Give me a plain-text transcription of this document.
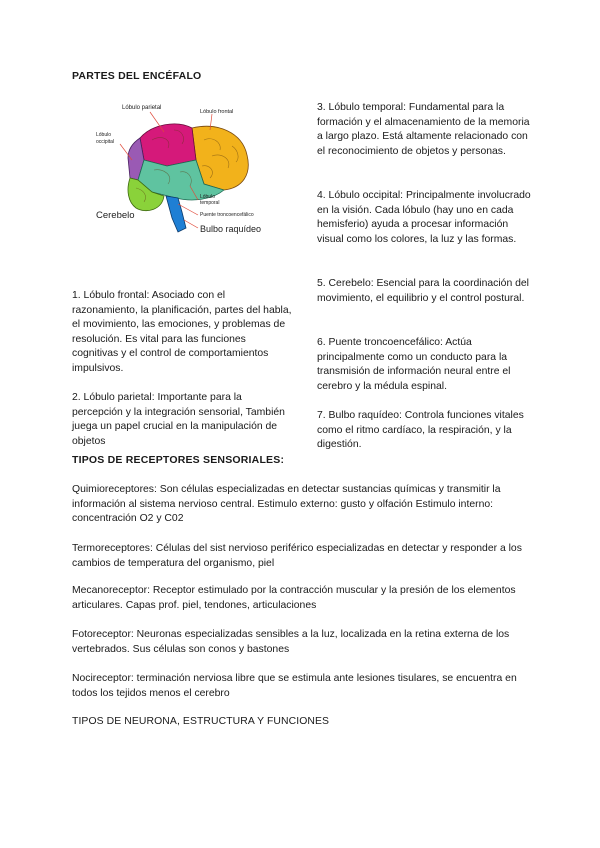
PARTES DEL ENCÉFALO
Lóbulo parietal
Lóbulo frontal
Lóbulo
occipital
Lóbulo
temporal
Cerebelo	Puente troncoencefálico
Bulbo raquídeo
1. Lóbulo frontal: Asociado con el razonamiento, la planificación, partes del habla, el movimiento, las emociones, y problemas de resolución. Es vital para las funciones cognitivas y el control de comportamientos impulsivos.
2. Lóbulo parietal: Importante para la percepción y la integración sensorial, También juega un papel crucial en la manipulación de objetos
3. Lóbulo temporal: Fundamental para la formación y el almacenamiento de la memoria a largo plazo. Está altamente relacionado con el reconocimiento de objetos y personas.
4. Lóbulo occipital: Principalmente involucrado en la visión. Cada lóbulo (hay uno en cada hemisferio) ayuda a procesar información visual como los colores, la luz y las formas.
5. Cerebelo: Esencial para la coordinación del movimiento, el equilibrio y el control postural.
6. Puente troncoencefálico: Actúa principalmente como un conducto para la transmisión de información neural entre el cerebro y la médula espinal.
7. Bulbo raquídeo: Controla funciones vitales como el ritmo cardíaco, la respiración, y la digestión.
TIPOS DE RECEPTORES SENSORIALES:
Quimioreceptores: Son células especializadas en detectar sustancias químicas y transmitir la información al sistema nervioso central. Estimulo externo: gusto y olfación Estimulo interno: concentración O2 y C02
Termoreceptores: Células del sist nervioso periférico especializadas en detectar y responder a los cambios de temperatura del organismo, piel
Mecanoreceptor: Receptor estimulado por la contracción muscular y la presión de los elementos articulares. Capas prof. piel, tendones, articulaciones
Fotoreceptor: Neuronas especializadas sensibles a la luz, localizada en la retina externa de los vertebrados. Sus células son conos y bastones
Nocireceptor: terminación nerviosa libre que se estimula ante lesiones tisulares, se encuentra en todos los tejidos menos el cerebro
TIPOS DE NEURONA, ESTRUCTURA Y FUNCIONES
